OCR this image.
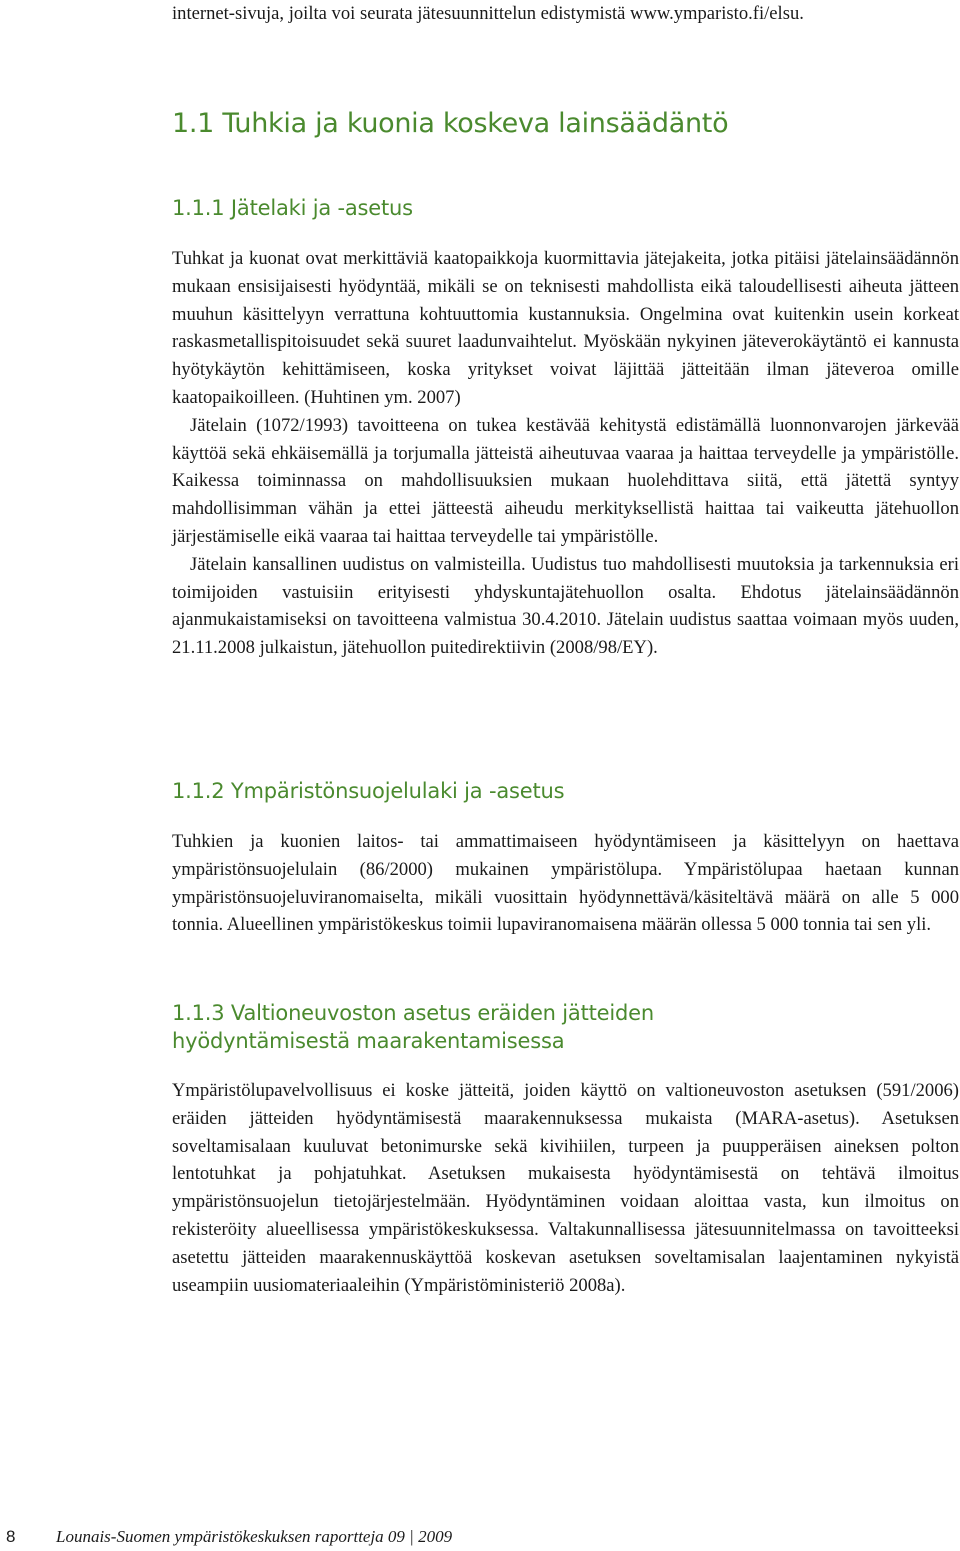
internet-sivuja, joilta voi seurata jätesuunnittelun edistymistä www.ymparisto.fi/elsu.

1.1 Tuhkia ja kuonia koskeva lainsäädäntö
1.1.1 Jätelaki ja -asetus

Tuhkat ja kuonat ovat merkittäviä kaatopaikkoja kuormittavia jätejakeita, jotka pitäisi jätelainsäädännön mukaan ensisijaisesti hyödyntää, mikäli se on teknisesti mahdollista eikä taloudellisesti aiheuta jätteen muuhun käsittelyyn verrattuna kohtuuttomia kustannuksia. Ongelmina ovat kuitenkin usein korkeat raskasmetallispitoisuudet sekä suuret laadunvaihtelut. Myöskään nykyinen jäteverokäytäntö ei kannusta hyötykäytön kehittämiseen, koska yritykset voivat läjittää jätteitään ilman jäteveroa omille kaatopaikoilleen. (Huhtinen ym. 2007)

Jätelain (1072/1993) tavoitteena on tukea kestävää kehitystä edistämällä luonnonvarojen järkevää käyttöä sekä ehkäisemällä ja torjumalla jätteistä aiheutuvaa vaaraa ja haittaa terveydelle ja ympäristölle. Kaikessa toiminnassa on mahdollisuuksien mukaan huolehdittava siitä, että jätettä syntyy mahdollisimman vähän ja ettei jätteestä aiheudu merkityksellistä haittaa tai vaikeutta jätehuollon järjestämiselle eikä vaaraa tai haittaa terveydelle tai ympäristölle.

Jätelain kansallinen uudistus on valmisteilla. Uudistus tuo mahdollisesti muutoksia ja tarkennuksia eri toimijoiden vastuisiin erityisesti yhdyskuntajätehuollon osalta. Ehdotus jätelainsäädännön ajanmukaistamiseksi on tavoitteena valmistua 30.4.2010. Jätelain uudistus saattaa voimaan myös uuden, 21.11.2008 julkaistun, jätehuollon puitedirektiivin (2008/98/EY).

1.1.2 Ympäristönsuojelulaki ja -asetus

Tuhkien ja kuonien laitos- tai ammattimaiseen hyödyntämiseen ja käsittelyyn on haettava ympäristönsuojelulain (86/2000) mukainen ympäristölupa. Ympäristölupaa haetaan kunnan ympäristönsuojeluviranomaiselta, mikäli vuosittain hyödynnettävä/käsiteltävä määrä on alle 5 000 tonnia. Alueellinen ympäristökeskus toimii lupaviranomaisena määrän ollessa 5 000 tonnia tai sen yli.

1.1.3 Valtioneuvoston asetus eräiden jätteiden hyödyntämisestä maarakentamisessa

Ympäristölupavelvollisuus ei koske jätteitä, joiden käyttö on valtioneuvoston asetuksen (591/2006) eräiden jätteiden hyödyntämisestä maarakennuksessa mukaista (MARA-asetus). Asetuksen soveltamisalaan kuuluvat betonimurske sekä kivihiilen, turpeen ja puupperäisen aineksen polton lentotuhkat ja pohjatuhkat. Asetuksen mukaisesta hyödyntämisestä on tehtävä ilmoitus ympäristönsuojelun tietojärjestelmään. Hyödyntäminen voidaan aloittaa vasta, kun ilmoitus on rekisteröity alueellisessa ympäristökeskuksessa. Valtakunnallisessa jätesuunnitelmassa on tavoitteeksi asetettu jätteiden maarakennuskäyttöä koskevan asetuksen soveltamisalan laajentaminen nykyistä useampiin uusiomateriaaleihin (Ympäristöministeriö 2008a).

8 Lounais-Suomen ympäristökeskuksen raportteja 09 | 2009
